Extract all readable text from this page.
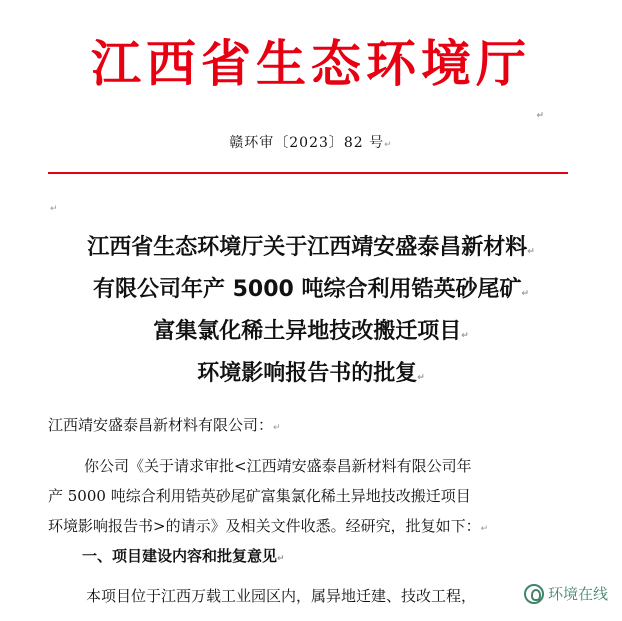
江西省生态环境厅
↵
赣环审〔2023〕82 号↵
↵
江西省生态环境厅关于江西靖安盛泰昌新材料↵
有限公司年产 5000 吨综合利用锆英砂尾矿↵
富集氯化稀土异地技改搬迁项目↵
环境影响报告书的批复↵
江西靖安盛泰昌新材料有限公司：↵
你公司《关于请求审批<江西靖安盛泰昌新材料有限公司年
产 5000 吨综合利用锆英砂尾矿富集氯化稀土异地技改搬迁项目
环境影响报告书>的请示》及相关文件收悉。经研究，批复如下：↵
一、项目建设内容和批复意见↵
本项目位于江西万载工业园区内，属异地迁建、技改工程，	环境在线
